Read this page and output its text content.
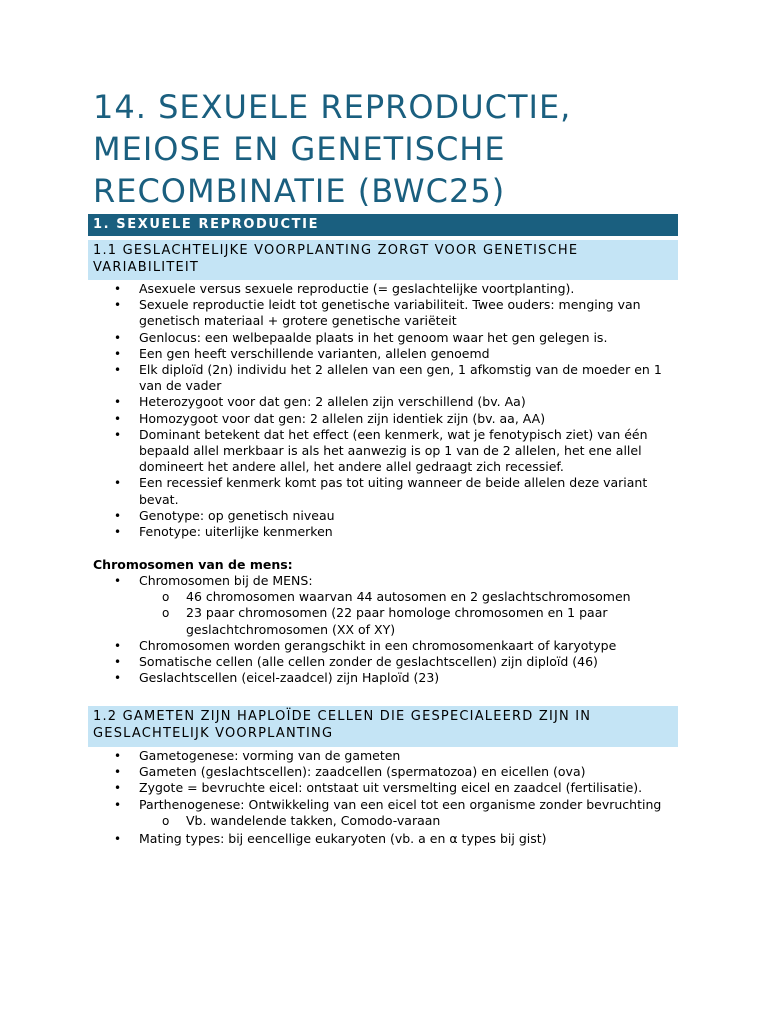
14. SEXUELE REPRODUCTIE,
MEIOSE EN GENETISCHE
RECOMBINATIE (BWC25)
1. SEXUELE REPRODUCTIE
1.1 GESLACHTELIJKE VOORPLANTING ZORGT VOOR GENETISCHE VARIABILITEIT
• Asexuele versus sexuele reproductie (= geslachtelijke voortplanting).
• Sexuele reproductie leidt tot genetische variabiliteit. Twee ouders: menging van genetisch materiaal + grotere genetische variëteit
• Genlocus: een welbepaalde plaats in het genoom waar het gen gelegen is.
• Een gen heeft verschillende varianten, allelen genoemd
• Elk diploïd (2n) individu het 2 allelen van een gen, 1 afkomstig van de moeder en 1 van de vader
• Heterozygoot voor dat gen: 2 allelen zijn verschillend (bv. Aa)
• Homozygoot voor dat gen: 2 allelen zijn identiek zijn (bv. aa, AA)
• Dominant betekent dat het effect (een kenmerk, wat je fenotypisch ziet) van één bepaald allel merkbaar is als het aanwezig is op 1 van de 2 allelen, het ene allel domineert het andere allel, het andere allel gedraagt zich recessief.
• Een recessief kenmerk komt pas tot uiting wanneer de beide allelen deze variant bevat.
• Genotype: op genetisch niveau
• Fenotype: uiterlijke kenmerken
Chromosomen van de mens:
• Chromosomen bij de MENS:
o 46 chromosomen waarvan 44 autosomen en 2 geslachtschromosomen
o 23 paar chromosomen (22 paar homologe chromosomen en 1 paar geslachtchromosomen (XX of XY)
• Chromosomen worden gerangschikt in een chromosomenkaart of karyotype
• Somatische cellen (alle cellen zonder de geslachtscellen) zijn diploïd (46)
• Geslachtscellen (eicel-zaadcel) zijn Haploïd (23)
1.2 GAMETEN ZIJN HAPLOÏDE CELLEN DIE GESPECIALEERD ZIJN IN GESLACHTELIJK VOORPLANTING
• Gametogenese: vorming van de gameten
• Gameten (geslachtscellen): zaadcellen (spermatozoa) en eicellen (ova)
• Zygote = bevruchte eicel: ontstaat uit versmelting eicel en zaadcel (fertilisatie).
• Parthenogenese: Ontwikkeling van een eicel tot een organisme zonder bevruchting
o Vb. wandelende takken, Comodo-varaan
• Mating types: bij eencellige eukaryoten (vb. a en α types bij gist)
